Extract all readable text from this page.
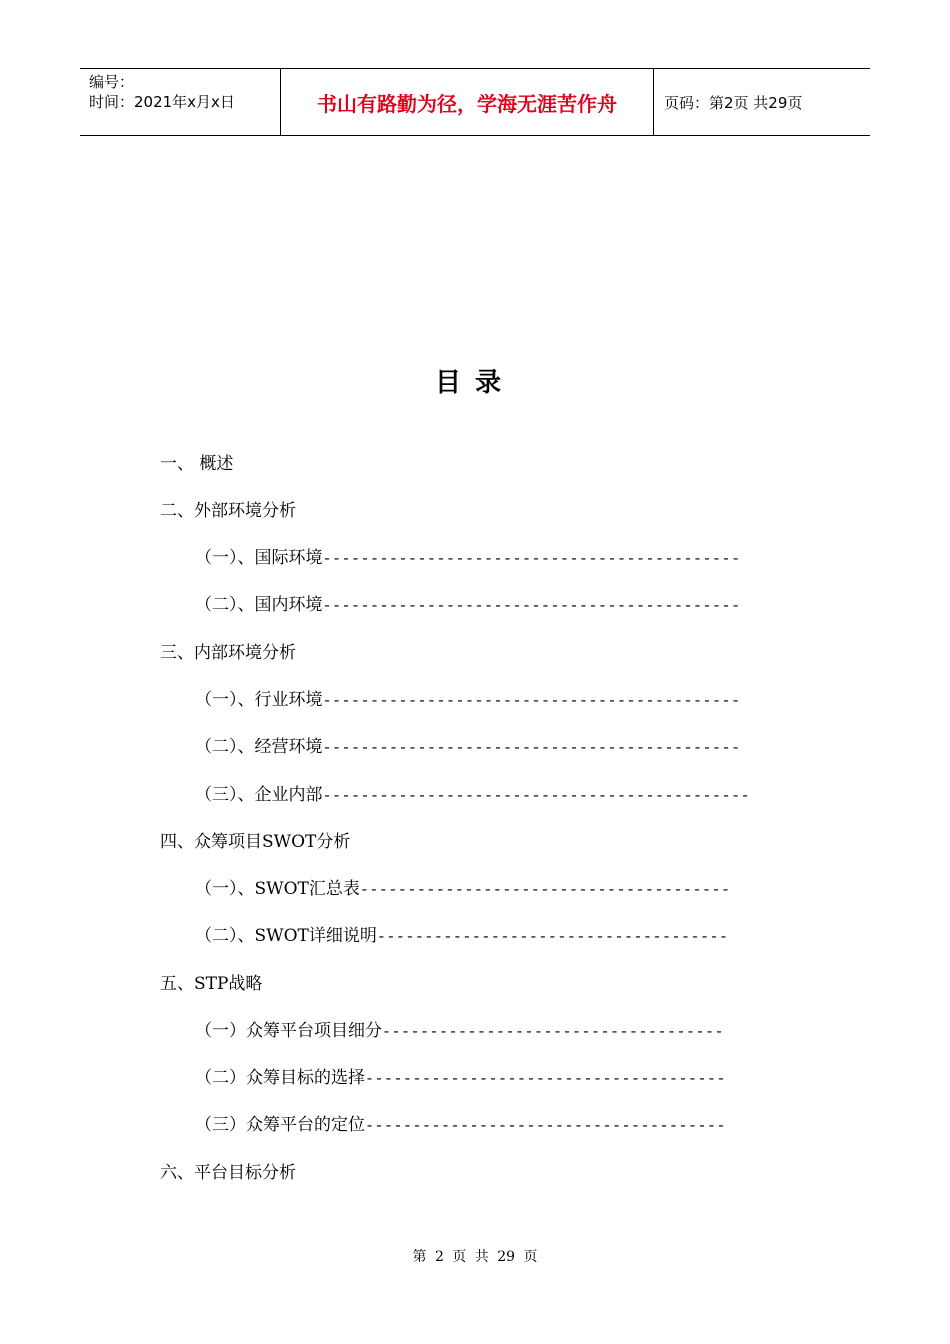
编号：
时间：2021年x月x日	书山有路勤为径，学海无涯苦作舟	页码：第2页 共29页
目录
一、 概述
二、外部环境分析
（一）、国际环境--------------------------------------------
（二）、国内环境--------------------------------------------
三、内部环境分析
（一）、行业环境--------------------------------------------
（二）、经营环境--------------------------------------------
（三）、企业内部---------------------------------------------
四、众筹项目SWOT分析
（一）、SWOT汇总表---------------------------------------
（二）、SWOT详细说明-------------------------------------
五、STP战略
（一）众筹平台项目细分------------------------------------
（二）众筹目标的选择--------------------------------------
（三）众筹平台的定位--------------------------------------
六、平台目标分析
第 2 页 共 29 页
